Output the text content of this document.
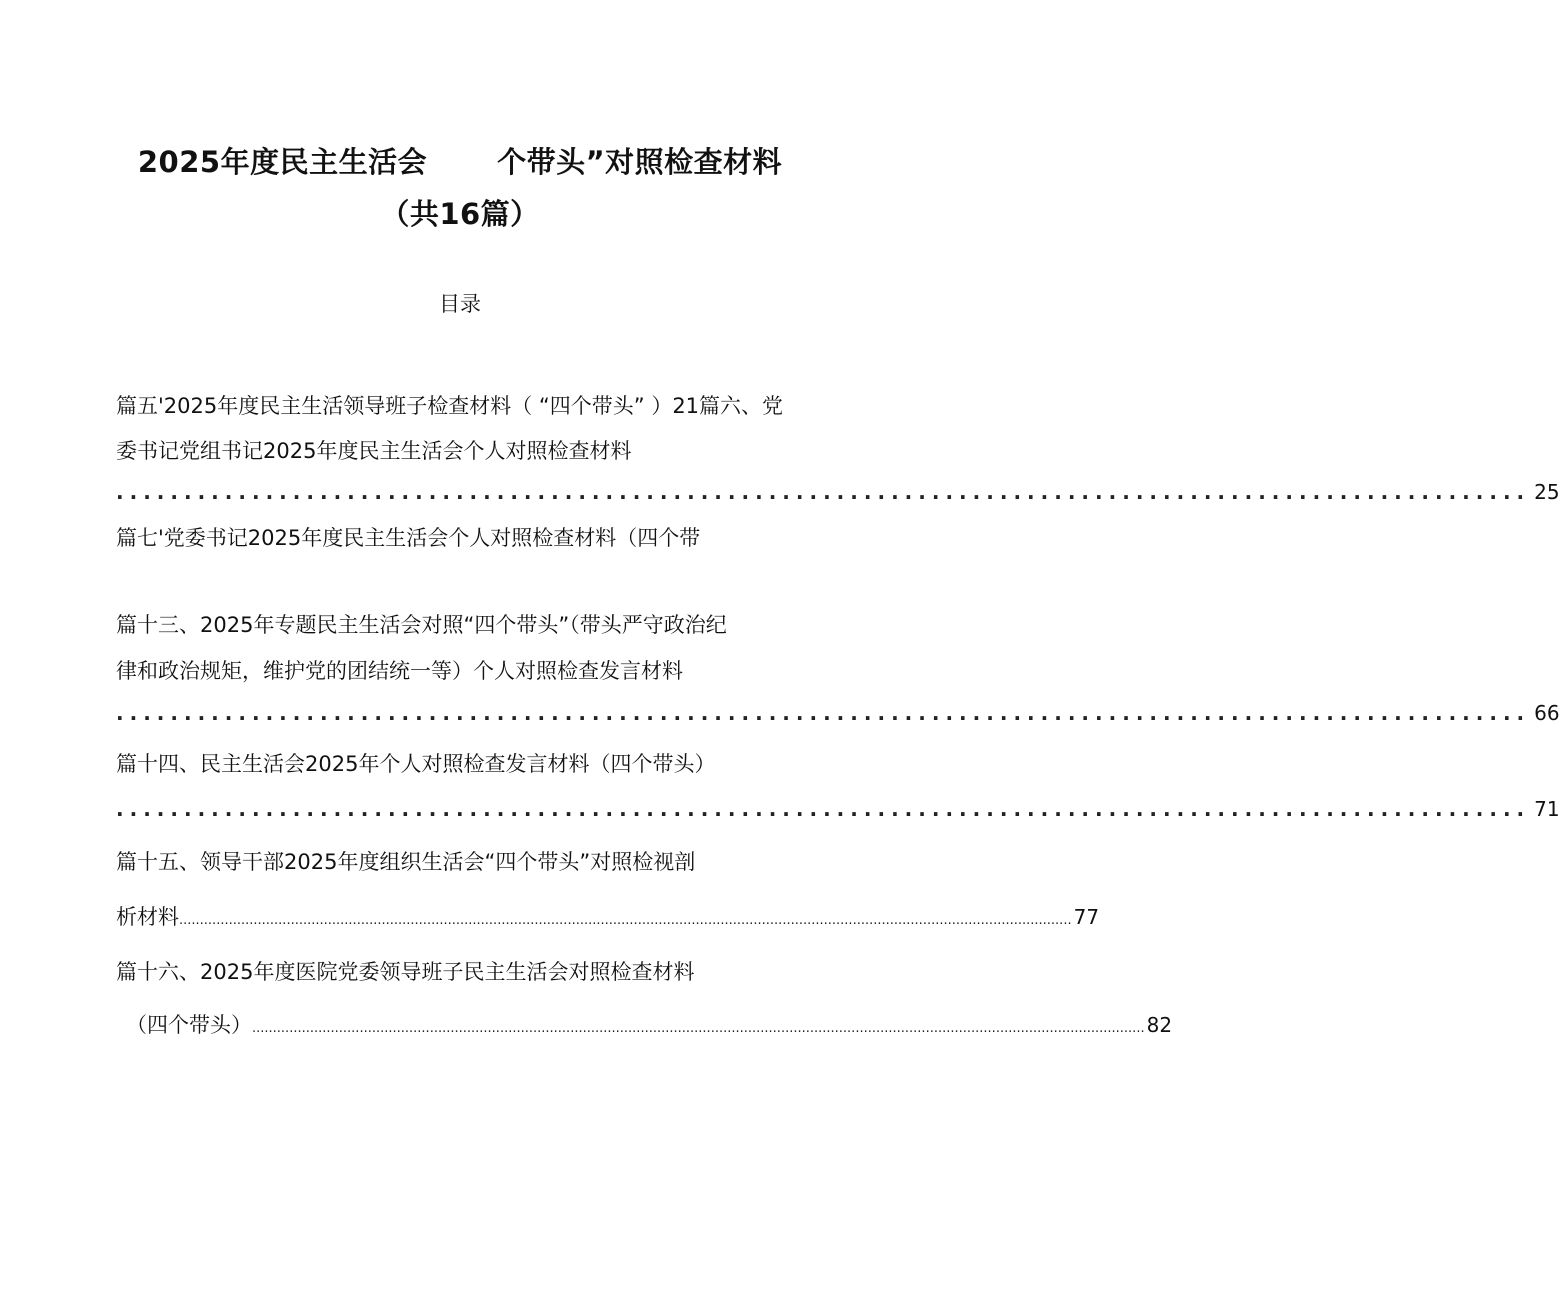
2025年度民主生活会 个带头”对照检查材料
（共16篇）
目录
篇五'2025年度民主生活领导班子检查材料（ “四个带头” ）21篇六、党
委书记党组书记2025年度民主生活会个人对照检查材料
........................................................................................................ 25
篇七'党委书记2025年度民主生活会个人对照检查材料（四个带
篇十三、2025年专题民主生活会对照“四个带头”（带头严守政治纪
律和政治规矩，维护党的团结统一等）个人对照检查发言材料
........................................................................................................ 66
篇十四、民主生活会2025年个人对照检查发言材料（四个带头）
........................................................................................................ 71
篇十五、领导干部2025年度组织生活会“四个带头”对照检视剖
析材料 ........................................................................................................................................................................................................................ 77
篇十六、2025年度医院党委领导班子民主生活会对照检查材料
（四个带头） ........................................................................................................................................................................................................................ 82
